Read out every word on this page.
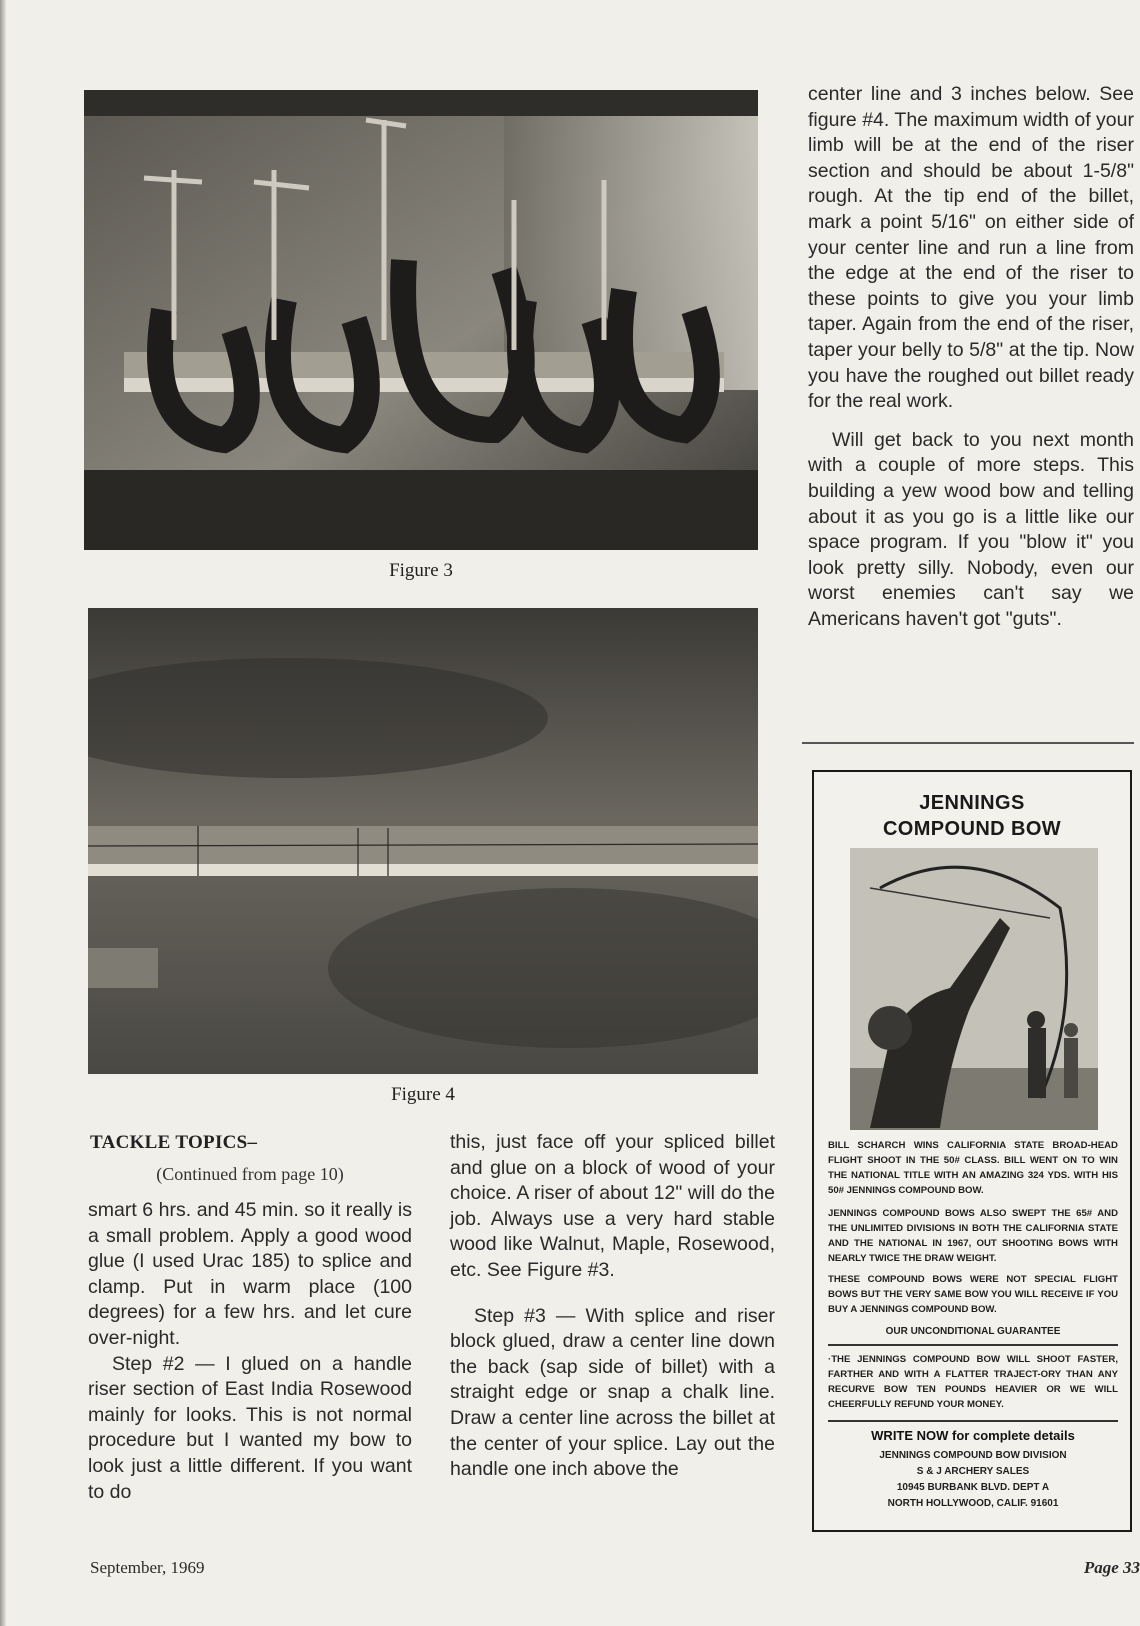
Figure 3
Figure 4

center line and 3 inches below. See figure #4. The maximum width of your limb will be at the end of the riser section and should be about 1-5/8" rough. At the tip end of the billet, mark a point 5/16" on either side of your center line and run a line from the edge at the end of the riser to these points to give you your limb taper. Again from the end of the riser, taper your belly to 5/8" at the tip. Now you have the roughed out billet ready for the real work.

Will get back to you next month with a couple of more steps. This building a yew wood bow and telling about it as you go is a little like our space program. If you "blow it" you look pretty silly. Nobody, even our worst enemies can't say we Americans haven't got "guts".

TACKLE TOPICS–
(Continued from page 10)

smart 6 hrs. and 45 min. so it really is a small problem. Apply a good wood glue (I used Urac 185) to splice and clamp. Put in warm place (100 degrees) for a few hrs. and let cure over-night.

Step #2 — I glued on a handle riser section of East India Rosewood mainly for looks. This is not normal procedure but I wanted my bow to look just a little different. If you want to do

this, just face off your spliced billet and glue on a block of wood of your choice. A riser of about 12" will do the job. Always use a very hard stable wood like Walnut, Maple, Rosewood, etc. See Figure #3.

Step #3 — With splice and riser block glued, draw a center line down the back (sap side of billet) with a straight edge or snap a chalk line. Draw a center line across the billet at the center of your splice. Lay out the handle one inch above the

JENNINGS
COMPOUND BOW
BILL SCHARCH WINS CALIFORNIA STATE BROAD-HEAD FLIGHT SHOOT IN THE 50# CLASS. BILL WENT ON TO WIN THE NATIONAL TITLE WITH AN AMAZING 324 YDS. WITH HIS 50# JENNINGS COMPOUND BOW.
JENNINGS COMPOUND BOWS ALSO SWEPT THE 65# AND THE UNLIMITED DIVISIONS IN BOTH THE CALIFORNIA STATE AND THE NATIONAL IN 1967, OUT SHOOTING BOWS WITH NEARLY TWICE THE DRAW WEIGHT.
THESE COMPOUND BOWS WERE NOT SPECIAL FLIGHT BOWS BUT THE VERY SAME BOW YOU WILL RECEIVE IF YOU BUY A JENNINGS COMPOUND BOW.
OUR UNCONDITIONAL GUARANTEE
·THE JENNINGS COMPOUND BOW WILL SHOOT FASTER, FARTHER AND WITH A FLATTER TRAJECT-ORY THAN ANY RECURVE BOW TEN POUNDS HEAVIER OR WE WILL CHEERFULLY REFUND YOUR MONEY.
WRITE NOW for complete details
JENNINGS COMPOUND BOW DIVISION
S & J ARCHERY SALES
10945 BURBANK BLVD. DEPT A
NORTH HOLLYWOOD, CALIF. 91601
September, 1969	Page 33
